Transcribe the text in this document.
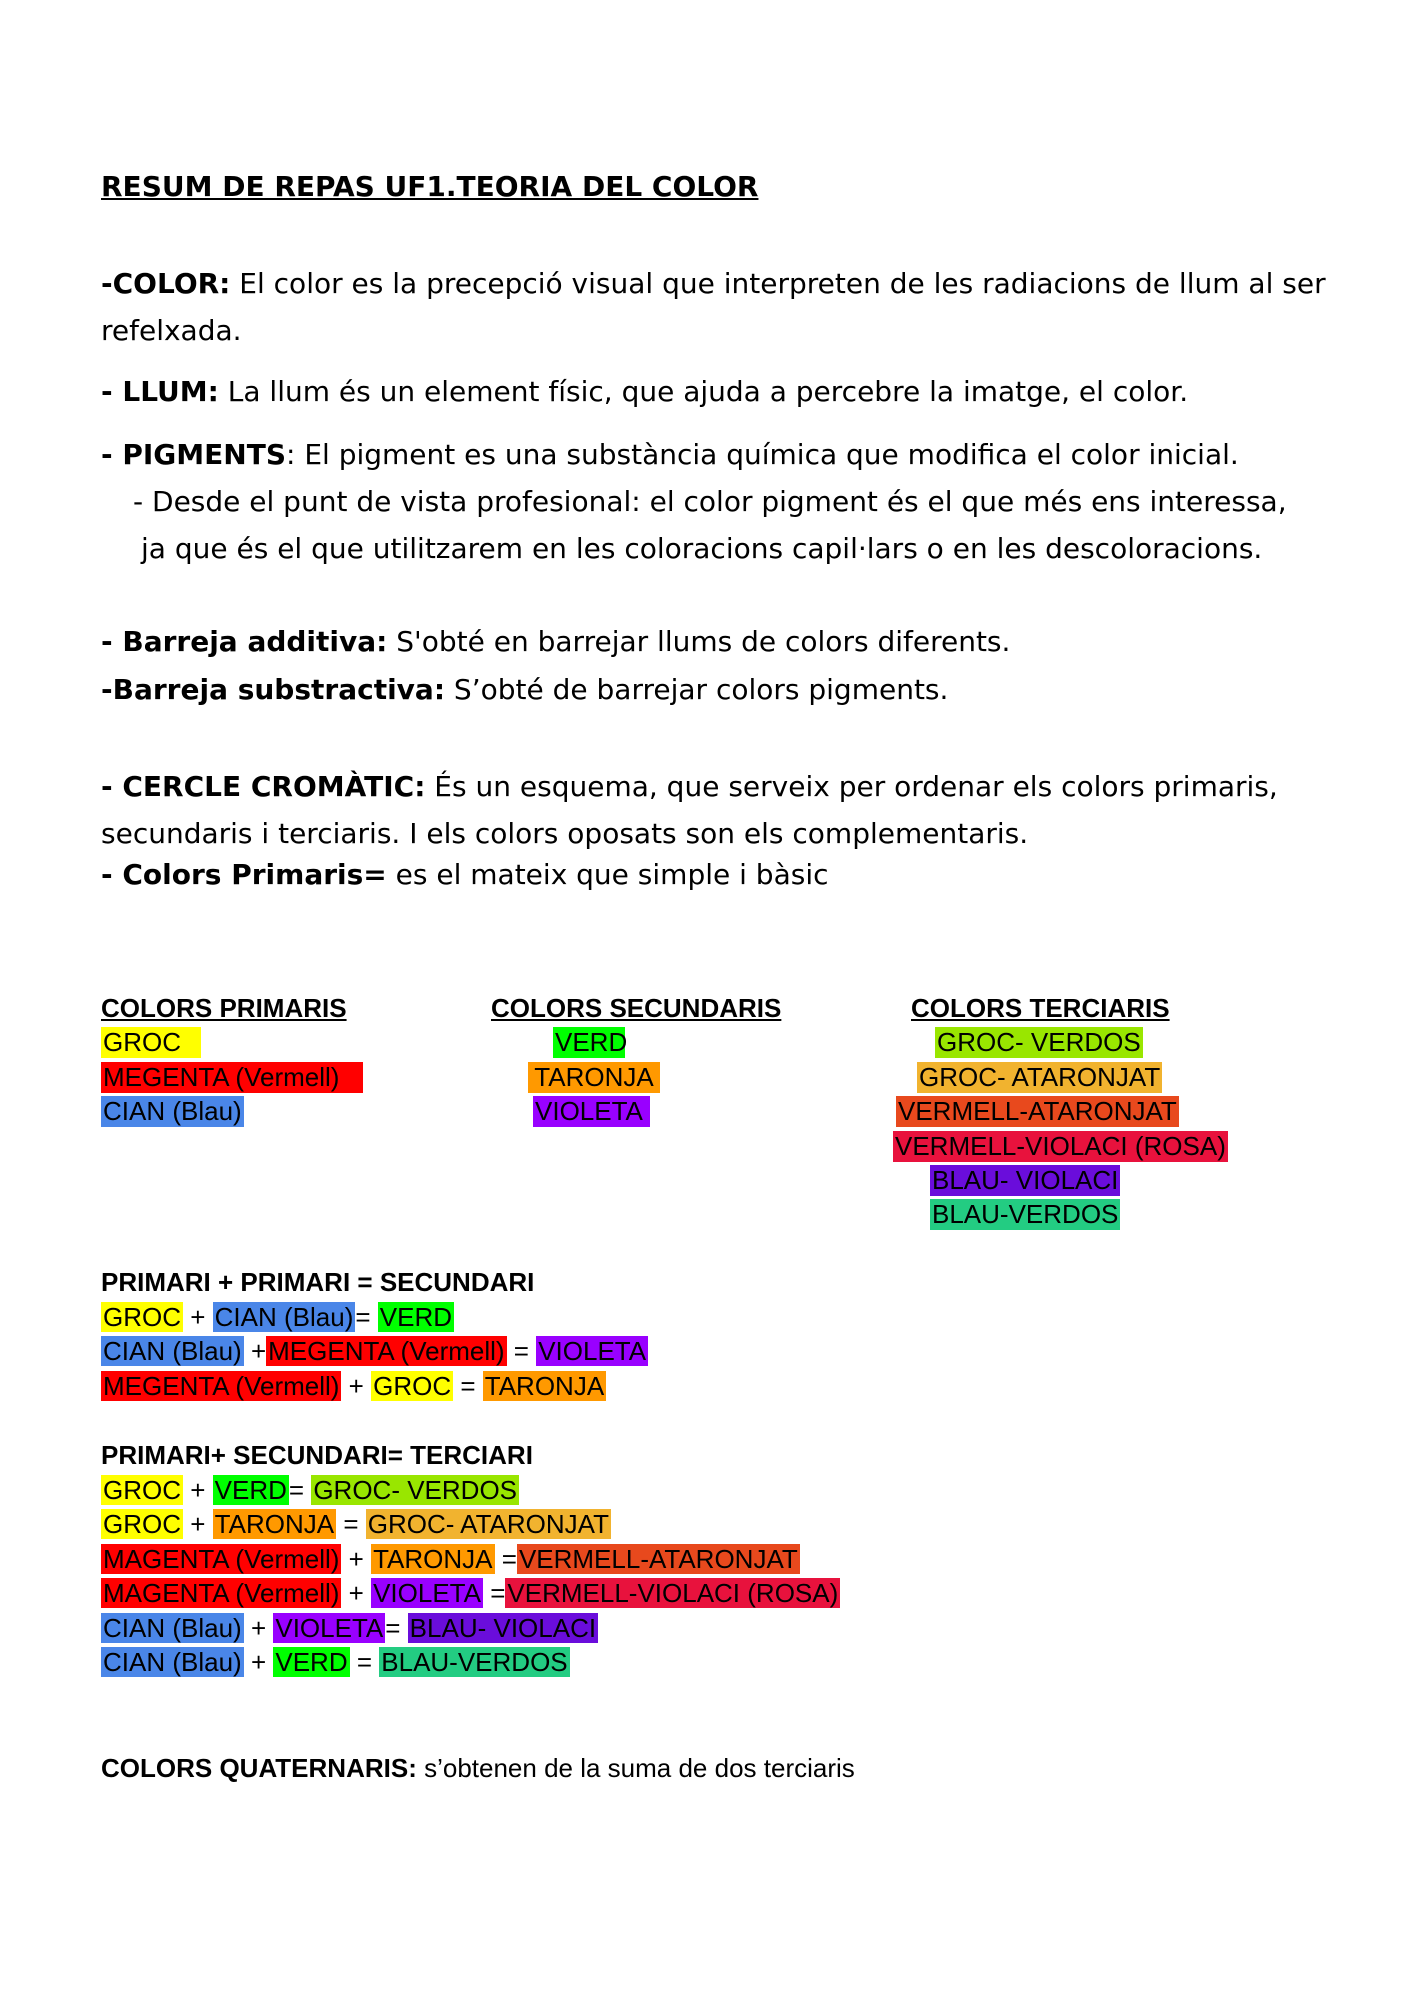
RESUM DE REPAS UF1.TEORIA DEL COLOR
-COLOR: El color es la precepció visual que interpreten de les radiacions de llum al ser refelxada.
- LLUM: La llum és un element físic, que ajuda a percebre la imatge, el color.
- PIGMENTS: El pigment es una substància química que modifica el color inicial.
- Desde el punt de vista profesional: el color pigment és el que més ens interessa,
ja que és el que utilitzarem en les coloracions capil·lars o en les descoloracions.
- Barreja additiva: S'obté en barrejar llums de colors diferents.
-Barreja substractiva: S’obté de barrejar colors pigments.
- CERCLE CROMÀTIC: És un esquema, que serveix per ordenar els colors primaris, secundaris i terciaris. I els colors oposats son els complementaris.
- Colors Primaris= es el mateix que simple i bàsic
COLORS PRIMARIS	COLORS SECUNDARIS	COLORS TERCIARIS
GROC
MEGENTA (Vermell)
CIAN (Blau)
VERD
TARONJA
VIOLETA
GROC- VERDOS
GROC- ATARONJAT
VERMELL-ATARONJAT
VERMELL-VIOLACI (ROSA)
BLAU- VIOLACI
BLAU-VERDOS
PRIMARI + PRIMARI = SECUNDARI
GROC + CIAN (Blau)= VERD
CIAN (Blau) +MEGENTA (Vermell) = VIOLETA
MEGENTA (Vermell) + GROC = TARONJA
PRIMARI+ SECUNDARI= TERCIARI
GROC + VERD= GROC- VERDOS
GROC + TARONJA = GROC- ATARONJAT
MAGENTA (Vermell) + TARONJA =VERMELL-ATARONJAT
MAGENTA (Vermell) + VIOLETA =VERMELL-VIOLACI (ROSA)
CIAN (Blau) + VIOLETA= BLAU- VIOLACI
CIAN (Blau) + VERD = BLAU-VERDOS
COLORS QUATERNARIS: s’obtenen de la suma de dos terciaris
